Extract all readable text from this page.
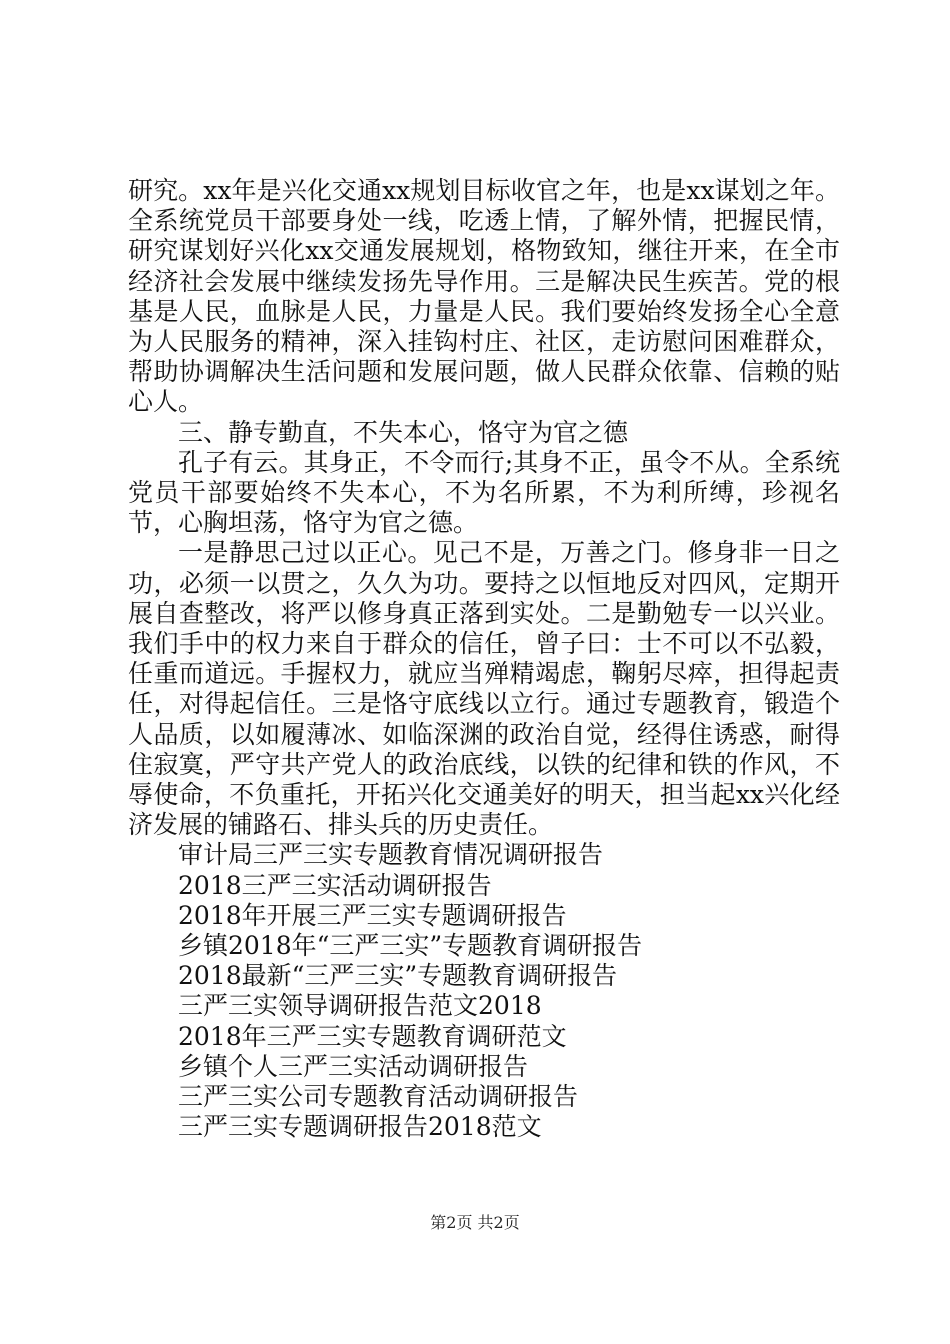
研究。xx年是兴化交通xx规划目标收官之年，也是xx谋划之年。全系统党员干部要身处一线，吃透上情，了解外情，把握民情，研究谋划好兴化xx交通发展规划，格物致知，继往开来，在全市经济社会发展中继续发扬先导作用。三是解决民生疾苦。党的根基是人民，血脉是人民，力量是人民。我们要始终发扬全心全意为人民服务的精神，深入挂钩村庄、社区，走访慰问困难群众，帮助协调解决生活问题和发展问题，做人民群众依靠、信赖的贴心人。

三、静专勤直，不失本心，恪守为官之德

孔子有云。其身正，不令而行;其身不正，虽令不从。全系统党员干部要始终不失本心，不为名所累，不为利所缚，珍视名节，心胸坦荡，恪守为官之德。

一是静思己过以正心。见己不是，万善之门。修身非一日之功，必须一以贯之，久久为功。要持之以恒地反对四风，定期开展自查整改，将严以修身真正落到实处。二是勤勉专一以兴业。我们手中的权力来自于群众的信任，曾子曰：士不可以不弘毅，任重而道远。手握权力，就应当殚精竭虑，鞠躬尽瘁，担得起责任，对得起信任。三是恪守底线以立行。通过专题教育，锻造个人品质，以如履薄冰、如临深渊的政治自觉，经得住诱惑，耐得住寂寞，严守共产党人的政治底线，以铁的纪律和铁的作风，不辱使命，不负重托，开拓兴化交通美好的明天，担当起xx兴化经济发展的铺路石、排头兵的历史责任。

审计局三严三实专题教育情况调研报告
2018三严三实活动调研报告
2018年开展三严三实专题调研报告
乡镇2018年“三严三实”专题教育调研报告
2018最新“三严三实”专题教育调研报告
三严三实领导调研报告范文2018
2018年三严三实专题教育调研范文
乡镇个人三严三实活动调研报告
三严三实公司专题教育活动调研报告
三严三实专题调研报告2018范文
第2页 共2页
